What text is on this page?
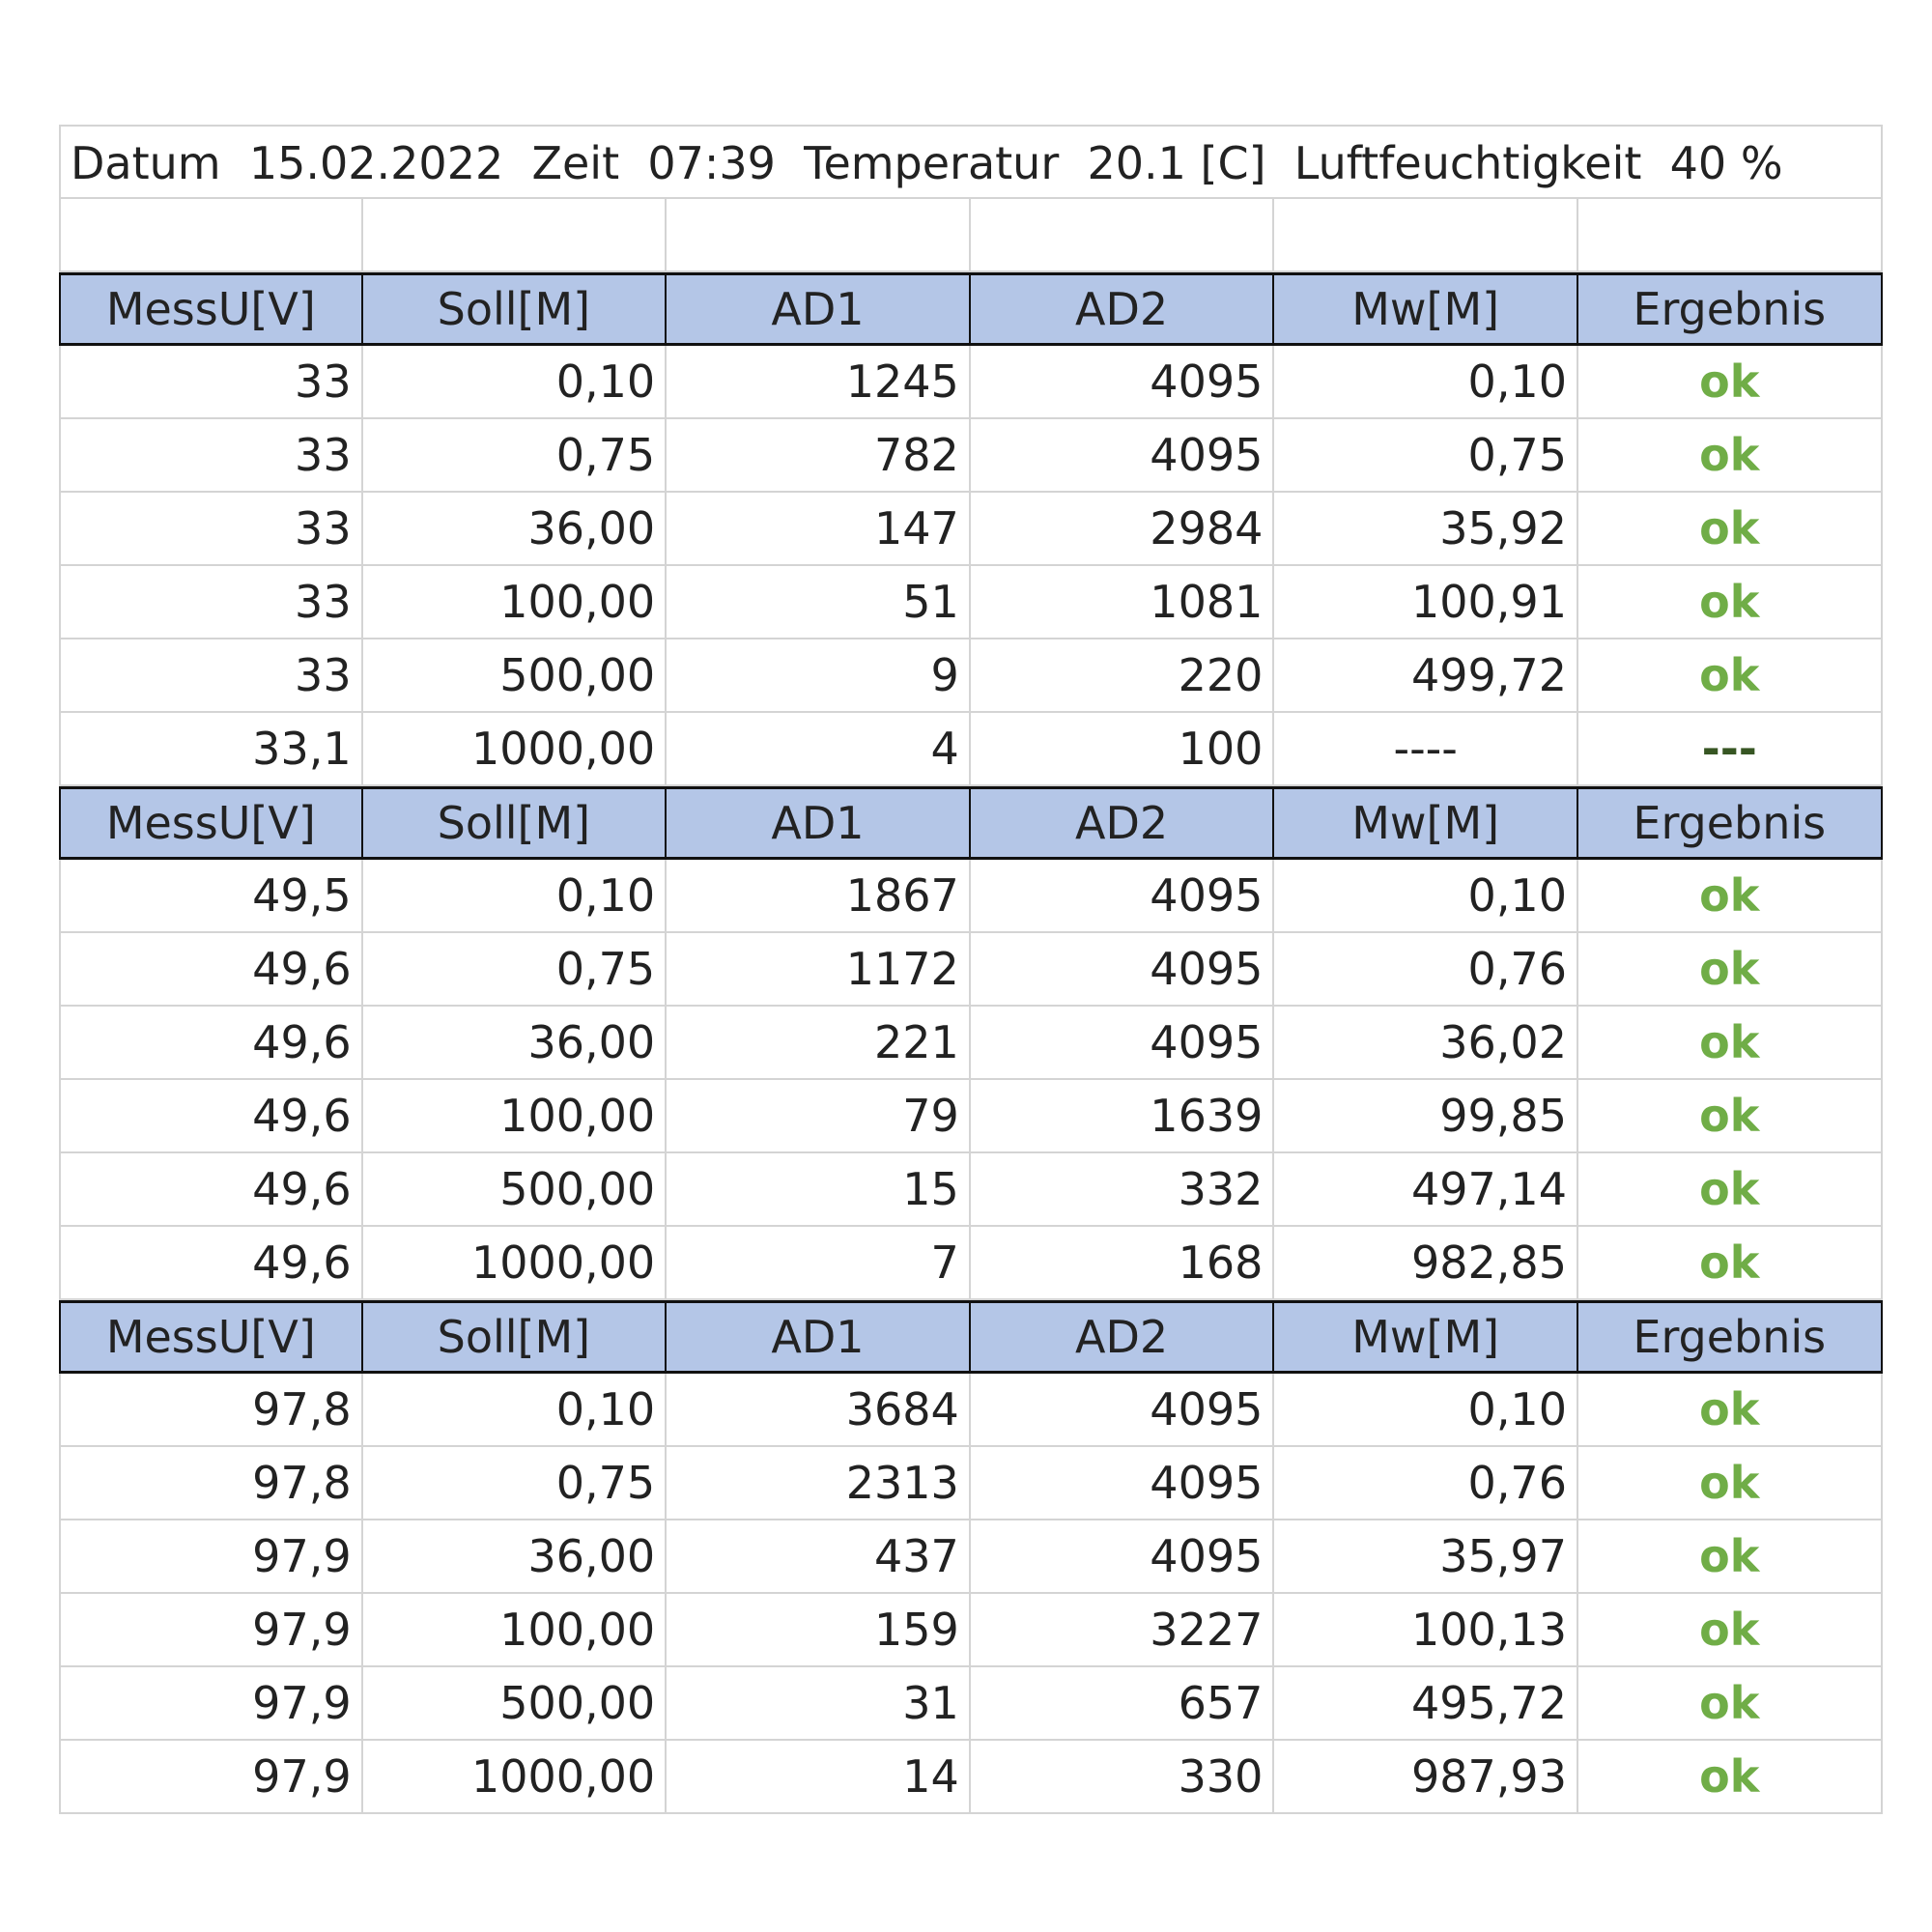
Datum  15.02.2022  Zeit  07:39  Temperatur  20.1 [C]  Luftfeuchtigkeit  40 %
MessU[V]	Soll[M]	AD1	AD2	Mw[M]	Ergebnis
33	0,10	1245	4095	0,10	ok
33	0,75	782	4095	0,75	ok
33	36,00	147	2984	35,92	ok
33	100,00	51	1081	100,91	ok
33	500,00	9	220	499,72	ok
33,1	1000,00	4	100	----	---
MessU[V]	Soll[M]	AD1	AD2	Mw[M]	Ergebnis
49,5	0,10	1867	4095	0,10	ok
49,6	0,75	1172	4095	0,76	ok
49,6	36,00	221	4095	36,02	ok
49,6	100,00	79	1639	99,85	ok
49,6	500,00	15	332	497,14	ok
49,6	1000,00	7	168	982,85	ok
MessU[V]	Soll[M]	AD1	AD2	Mw[M]	Ergebnis
97,8	0,10	3684	4095	0,10	ok
97,8	0,75	2313	4095	0,76	ok
97,9	36,00	437	4095	35,97	ok
97,9	100,00	159	3227	100,13	ok
97,9	500,00	31	657	495,72	ok
97,9	1000,00	14	330	987,93	ok
